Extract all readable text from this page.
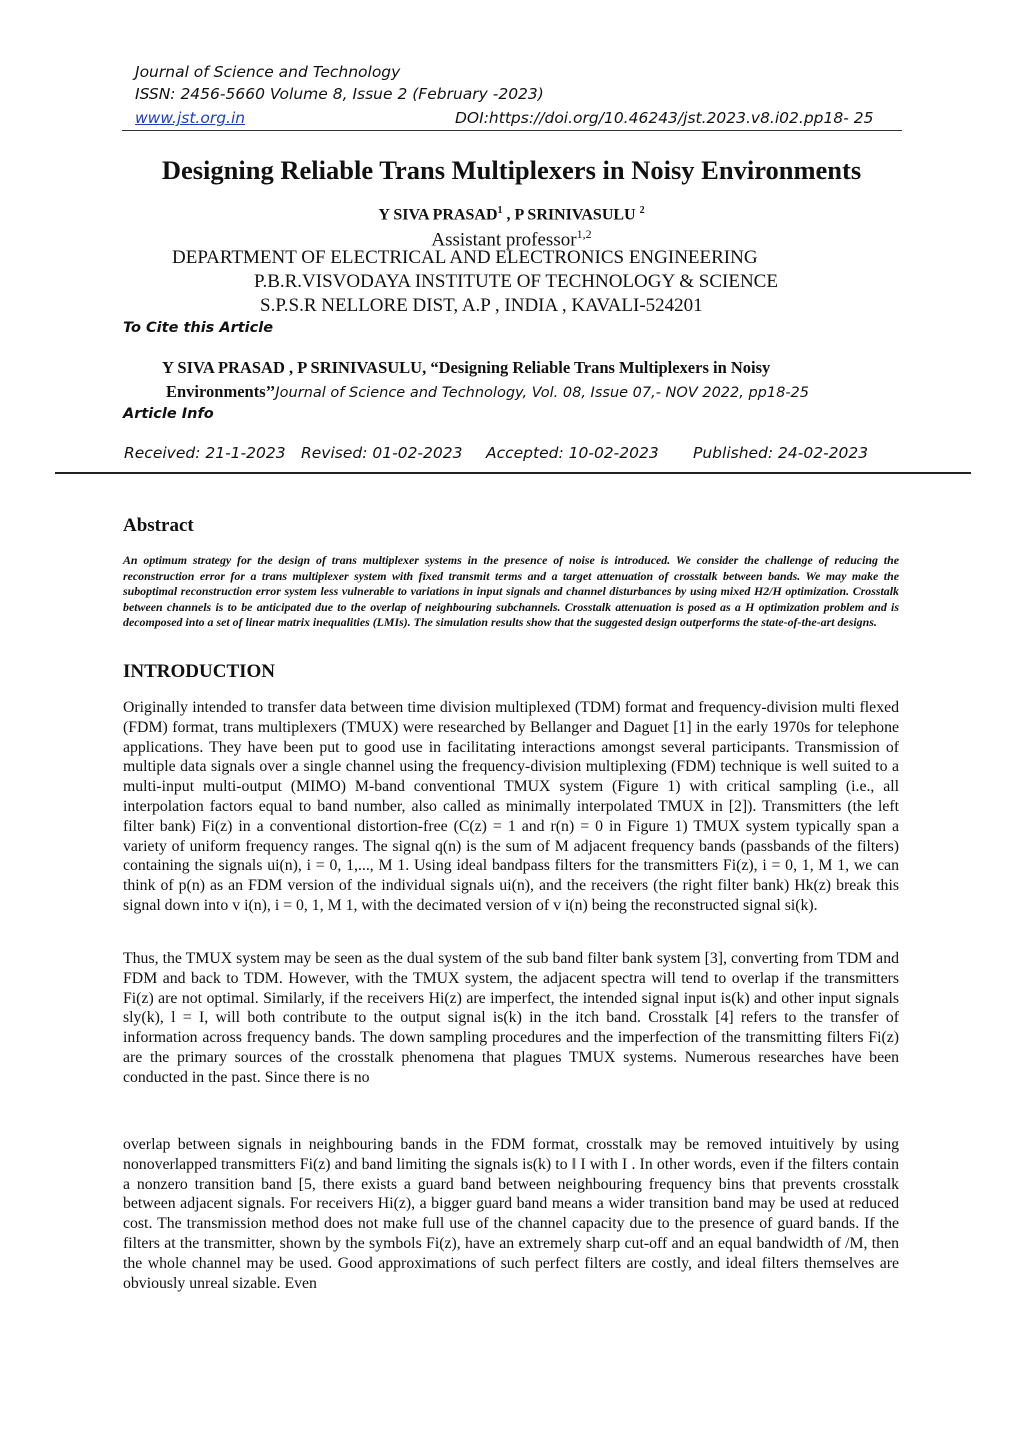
Journal of Science and Technology
ISSN: 2456-5660 Volume 8, Issue 2 (February -2023)
www.jst.org.in	DOI:https://doi.org/10.46243/jst.2023.v8.i02.pp18- 25
Designing Reliable Trans Multiplexers in Noisy Environments
Y SIVA PRASAD$^1$ , P SRINIVASULU $^2$
Assistant professor$^{1,2}$
DEPARTMENT OF ELECTRICAL AND ELECTRONICS ENGINEERING
P.B.R.VISVODAYA INSTITUTE OF TECHNOLOGY & SCIENCE
S.P.S.R NELLORE DIST, A.P , INDIA , KAVALI-524201
To Cite this Article
Y SIVA PRASAD , P SRINIVASULU, “Designing Reliable Trans Multiplexers in Noisy
Environments’’Journal of Science and Technology, Vol. 08, Issue 07,- NOV 2022, pp18-25
Article Info
Received: 21-1-2023 Revised: 01-02-2023 Accepted: 10-02-2023 Published: 24-02-2023
Abstract
An optimum strategy for the design of trans multiplexer systems in the presence of noise is introduced. We consider the challenge of reducing the reconstruction error for a trans multiplexer system with fixed transmit terms and a target attenuation of crosstalk between bands. We may make the suboptimal reconstruction error system less vulnerable to variations in input signals and channel disturbances by using mixed H2/H optimization. Crosstalk between channels is to be anticipated due to the overlap of neighbouring subchannels. Crosstalk attenuation is posed as a H optimization problem and is decomposed into a set of linear matrix inequalities (LMIs). The simulation results show that the suggested design outperforms the state-of-the-art designs.
INTRODUCTION

Originally intended to transfer data between time division multiplexed (TDM) format and frequency-division multi flexed (FDM) format, trans multiplexers (TMUX) were researched by Bellanger and Daguet [1] in the early 1970s for telephone applications. They have been put to good use in facilitating interactions amongst several participants. Transmission of multiple data signals over a single channel using the frequency-division multiplexing (FDM) technique is well suited to a multi-input multi-output (MIMO) M-band conventional TMUX system (Figure 1) with critical sampling (i.e., all interpolation factors equal to band number, also called as minimally interpolated TMUX in [2]). Transmitters (the left filter bank) Fi(z) in a conventional distortion-free (C(z) = 1 and r(n) = 0 in Figure 1) TMUX system typically span a variety of uniform frequency ranges. The signal q(n) is the sum of M adjacent frequency bands (passbands of the filters) containing the signals ui(n), i = 0, 1,..., M 1. Using ideal bandpass filters for the transmitters Fi(z), i = 0, 1, M 1, we can think of p(n) as an FDM version of the individual signals ui(n), and the receivers (the right filter bank) Hk(z) break this signal down into v i(n), i = 0, 1, M 1, with the decimated version of v i(n) being the reconstructed signal si(k).

Thus, the TMUX system may be seen as the dual system of the sub band filter bank system [3], converting from TDM and FDM and back to TDM. However, with the TMUX system, the adjacent spectra will tend to overlap if the transmitters Fi(z) are not optimal. Similarly, if the receivers Hi(z) are imperfect, the intended signal input is(k) and other input signals sly(k), l = I, will both contribute to the output signal is(k) in the itch band. Crosstalk [4] refers to the transfer of information across frequency bands. The down sampling procedures and the imperfection of the transmitting filters Fi(z) are the primary sources of the crosstalk phenomena that plagues TMUX systems. Numerous researches have been conducted in the past. Since there is no

overlap between signals in neighbouring bands in the FDM format, crosstalk may be removed intuitively by using nonoverlapped transmitters Fi(z) and band limiting the signals is(k) to ‖ I with I . In other words, even if the filters contain a nonzero transition band [5, there exists a guard band between neighbouring frequency bins that prevents crosstalk between adjacent signals. For receivers Hi(z), a bigger guard band means a wider transition band may be used at reduced cost. The transmission method does not make full use of the channel capacity due to the presence of guard bands. If the filters at the transmitter, shown by the symbols Fi(z), have an extremely sharp cut-off and an equal bandwidth of /M, then the whole channel may be used. Good approximations of such perfect filters are costly, and ideal filters themselves are obviously unreal sizable. Even
